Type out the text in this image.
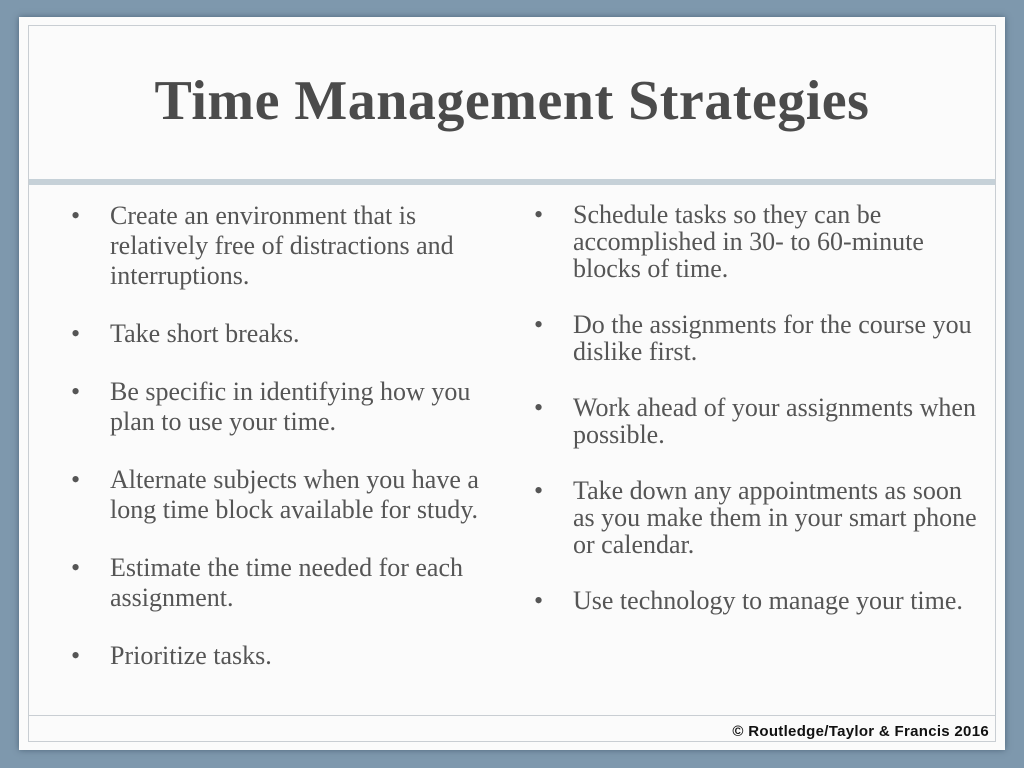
Time Management Strategies
• Create an environment that is relatively free of distractions and interruptions.
• Take short breaks.
• Be specific in identifying how you plan to use your time.
• Alternate subjects when you have a long time block available for study.
• Estimate the time needed for each assignment.
• Prioritize tasks.
• Schedule tasks so they can be accomplished in 30- to 60-minute blocks of time.
• Do the assignments for the course you dislike first.
• Work ahead of your assignments when possible.
• Take down any appointments as soon as you make them in your smart phone or calendar.
• Use technology to manage your time.
© Routledge/Taylor & Francis 2016
